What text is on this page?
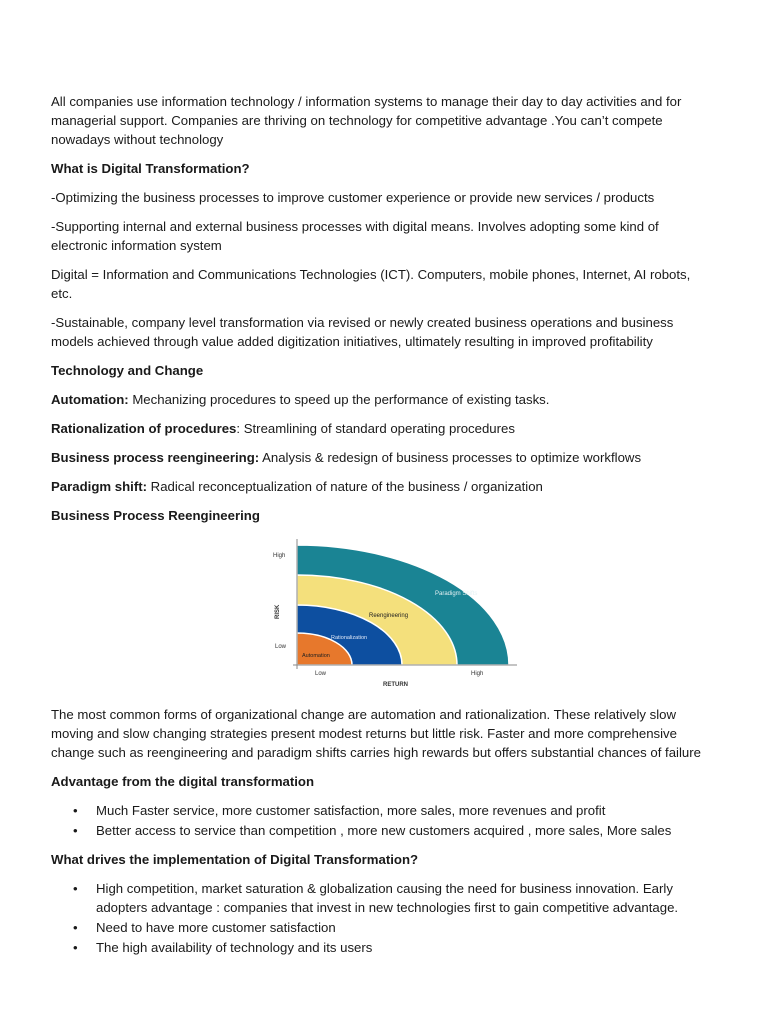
All companies use information technology / information systems to manage their day to day activities and for managerial support. Companies are thriving on technology for competitive advantage .You can’t compete nowadays without technology

What is Digital Transformation?

-Optimizing the business processes to improve customer experience or provide new services / products

-Supporting internal and external business processes with digital means. Involves adopting some kind of electronic information system

Digital = Information and Communications Technologies (ICT). Computers, mobile phones, Internet, AI robots, etc.

-Sustainable, company level transformation via revised or newly created business operations and business models achieved through value added digitization initiatives, ultimately resulting in improved profitability

Technology and Change

Automation: Mechanizing procedures to speed up the performance of existing tasks.

Rationalization of procedures: Streamlining of standard operating procedures

Business process reengineering: Analysis & redesign of business processes to optimize workflows

Paradigm shift: Radical reconceptualization of nature of the business / organization

Business Process Reengineering

Paradigm Shifts
Reengineering
Rationalization
Automation
High
Low
RISK
Low	High
RETURN

The most common forms of organizational change are automation and rationalization. These relatively slow moving and slow changing strategies present modest returns but little risk. Faster and more comprehensive change such as reengineering and paradigm shifts carries high rewards but offers substantial chances of failure

Advantage from the digital transformation

• Much Faster service, more customer satisfaction, more sales, more revenues and profit
• Better access to service than competition , more new customers acquired , more sales, More sales

What drives the implementation of Digital Transformation?

• High competition, market saturation & globalization causing the need for business innovation. Early adopters advantage : companies that invest in new technologies first to gain competitive advantage.
• Need to have more customer satisfaction
• The high availability of technology and its users
